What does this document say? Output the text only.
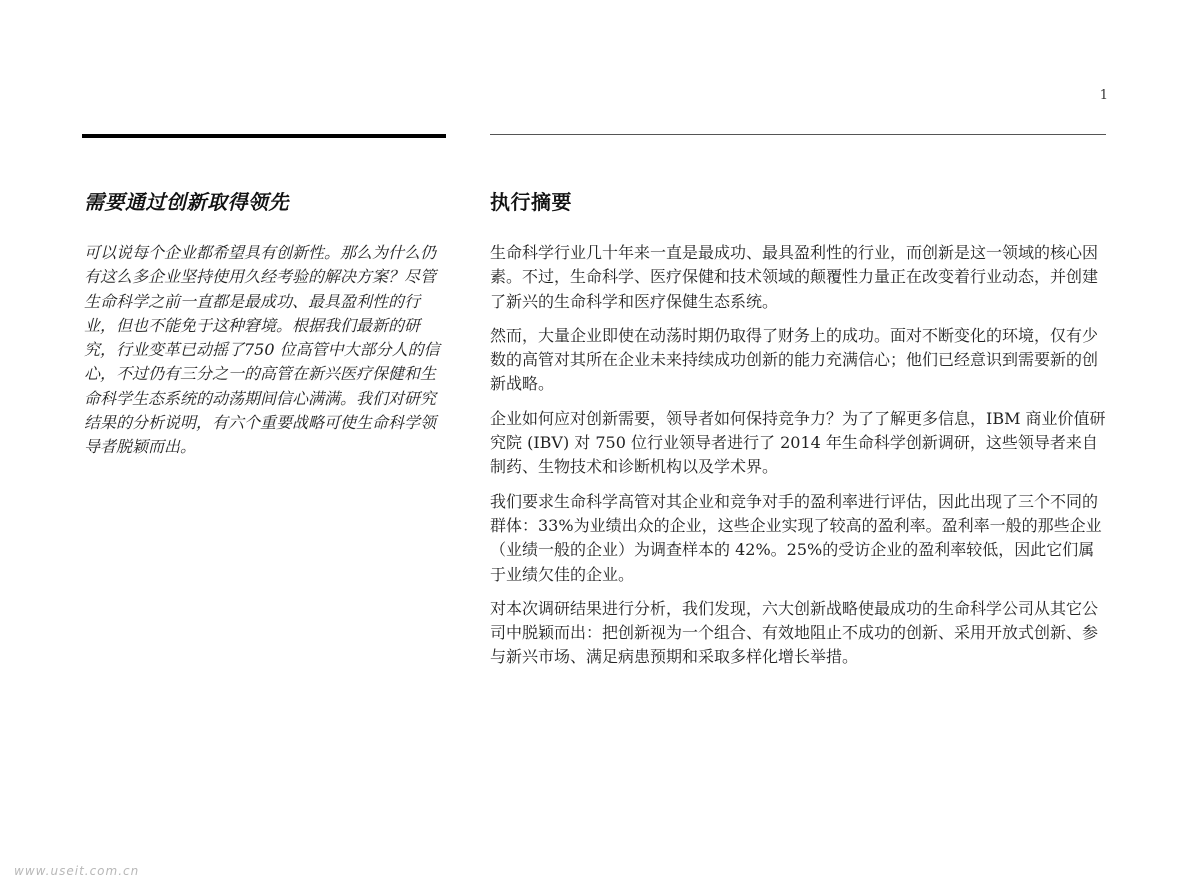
1
需要通过创新取得领先

可以说每个企业都希望具有创新性。那么为什么仍有这么多企业坚持使用久经考验的解决方案？尽管生命科学之前一直都是最成功、最具盈利性的行业，但也不能免于这种窘境。根据我们最新的研究，行业变革已动摇了750 位高管中大部分人的信心，不过仍有三分之一的高管在新兴医疗保健和生命科学生态系统的动荡期间信心满满。我们对研究结果的分析说明，有六个重要战略可使生命科学领导者脱颖而出。

执行摘要

生命科学行业几十年来一直是最成功、最具盈利性的行业，而创新是这一领域的核心因素。不过，生命科学、医疗保健和技术领域的颠覆性力量正在改变着行业动态，并创建了新兴的生命科学和医疗保健生态系统。

然而，大量企业即使在动荡时期仍取得了财务上的成功。面对不断变化的环境，仅有少数的高管对其所在企业未来持续成功创新的能力充满信心；他们已经意识到需要新的创新战略。

企业如何应对创新需要，领导者如何保持竞争力？为了了解更多信息，IBM 商业价值研究院 (IBV) 对 750 位行业领导者进行了 2014 年生命科学创新调研，这些领导者来自制药、生物技术和诊断机构以及学术界。

我们要求生命科学高管对其企业和竞争对手的盈利率进行评估，因此出现了三个不同的群体：33%为业绩出众的企业，这些企业实现了较高的盈利率。盈利率一般的那些企业（业绩一般的企业）为调查样本的 42%。25%的受访企业的盈利率较低，因此它们属于业绩欠佳的企业。

对本次调研结果进行分析，我们发现，六大创新战略使最成功的生命科学公司从其它公司中脱颖而出：把创新视为一个组合、有效地阻止不成功的创新、采用开放式创新、参与新兴市场、满足病患预期和采取多样化增长举措。

www.useit.com.cn
